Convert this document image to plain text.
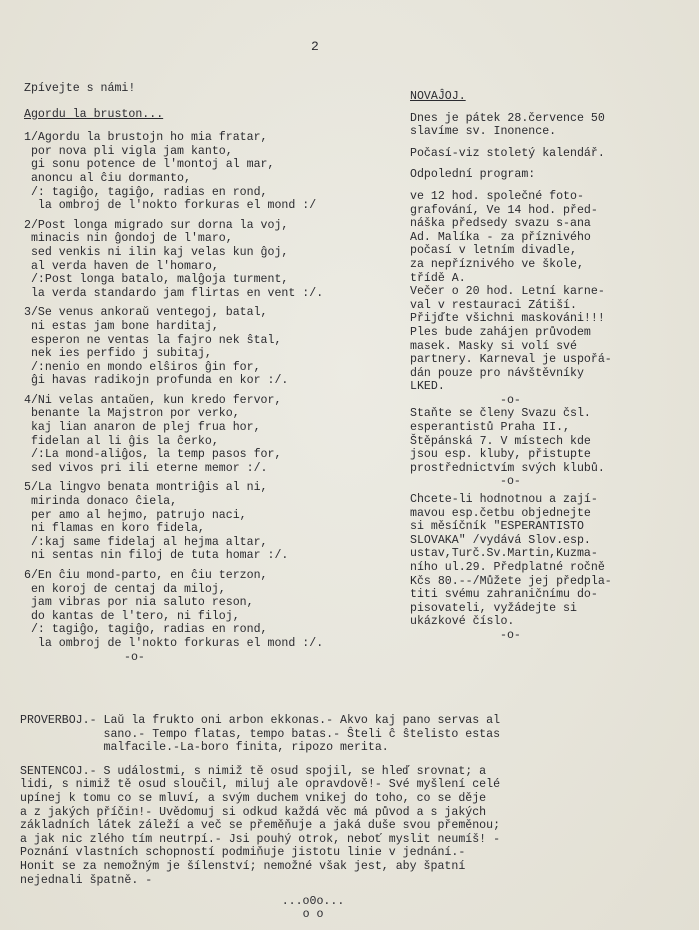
2
Zpívejte s námi!
Agordu la bruston...
1/Agordu la brustojn ho mia fratar,
por nova pli vigla jam kanto,
gi sonu potence de l'montoj al mar,
anoncu al ĉiu dormanto,
/: tagiĝo, tagiĝo, radias en rond,
la ombroj de l'nokto forkuras el mond :/
2/Post longa migrado sur dorna la voj,
minacis nin ĝondoj de l'maro,
sed venkis ni ilin kaj velas kun ĝoj,
al verda haven de l'homaro,
/:Post longa batalo, malĝoja turment,
la verda standardo jam flirtas en vent :/.
3/Se venus ankoraŭ ventegoj, batal,
ni estas jam bone harditaj,
esperon ne ventas la fajro nek ŝtal,
nek ies perfido j subitaj,
/:nenio en mondo elŝiros ĝin for,
ĝi havas radikojn profunda en kor :/.
4/Ni velas antaŭen, kun kredo fervor,
benante la Majstron por verko,
kaj lian anaron de plej frua hor,
fidelan al li ĝis la ĉerko,
/:La mond-aliĝos, la temp pasos for,
sed vivos pri ili eterne memor :/.
5/La lingvo benata montriĝis al ni,
mirinda donaco ĉiela,
per amo al hejmo, patrujo naci,
ni flamas en koro fidela,
/:kaj same fidelaj al hejma altar,
ni sentas nin filoj de tuta homar :/.
6/En ĉiu mond-parto, en ĉiu terzon,
en koroj de centaj da miloj,
jam vibras por nia saluto reson,
do kantas de l'tero, ni filoj,
/: tagiĝo, tagiĝo, radias en rond,
la ombroj de l'nokto forkuras el mond :/.
-o-
NOVAĴOJ.
Dnes je pátek 28.července 50
slavíme sv. Inonence.
Počasí-viz stoletý kalendář.
Odpolední program:
ve 12 hod. společné foto-
grafování, Ve 14 hod. před-
náška předsedy svazu s-ana
Ad. Malíka - za příznivého
počasí v letním divadle,
za nepříznivého ve škole,
třídě A.
Večer o 20 hod. Letní karne-
val v restauraci Zátiší.
Přijďte všichni maskováni!!!
Ples bude zahájen průvodem
masek. Masky si volí své
partnery. Karneval je uspořá-
dán pouze pro návštěvníky
LKED.
-o-
Staňte se členy Svazu čsl.
esperantistů Praha II.,
Štěpánská 7. V místech kde
jsou esp. kluby, přistupte
prostřednictvím svých klubů.
-o-
Chcete-li hodnotnou a zají-
mavou esp.četbu objednejte
si měsíčník "ESPERANTISTO
SLOVAKA" /vydává Slov.esp.
ustav,Turč.Sv.Martin,Kuzma-
ního ul.29. Předplatné ročně
Kčs 80.--/Můžete jej předpla-
titi svému zahraničnímu do-
pisovateli, vyžádejte si
ukázkové číslo.
-o-
PROVERBOJ.- Laŭ la frukto oni arbon ekkonas.- Akvo kaj pano servas al
sano.- Tempo flatas, tempo batas.- Ŝteli ĉ ŝtelisto estas
malfacile.-La-boro finita, ripozo merita.
SENTENCOJ.- S událostmi, s nimiž tě osud spojil, se hleď srovnat; a
lidi, s nimiž tě osud sloučil, miluj ale opravdově!- Své myšlení celé
upínej k tomu co se mluví, a svým duchem vnikej do toho, co se děje
a z jakých příčin!- Uvědomuj si odkud každá věc má původ a s jakých
základních látek záleží a več se přeměňuje a jaká duše svou přeměnou;
a jak nic zlého tím neutrpí.- Jsi pouhý otrok, neboť myslit neumíš! -
Poznání vlastních schopností podmiňuje jistotu linie v jednání.-
Honit se za nemožným je šílenství; nemožné však jest, aby špatní
nejednali špatně. -
...o0o...
o o
